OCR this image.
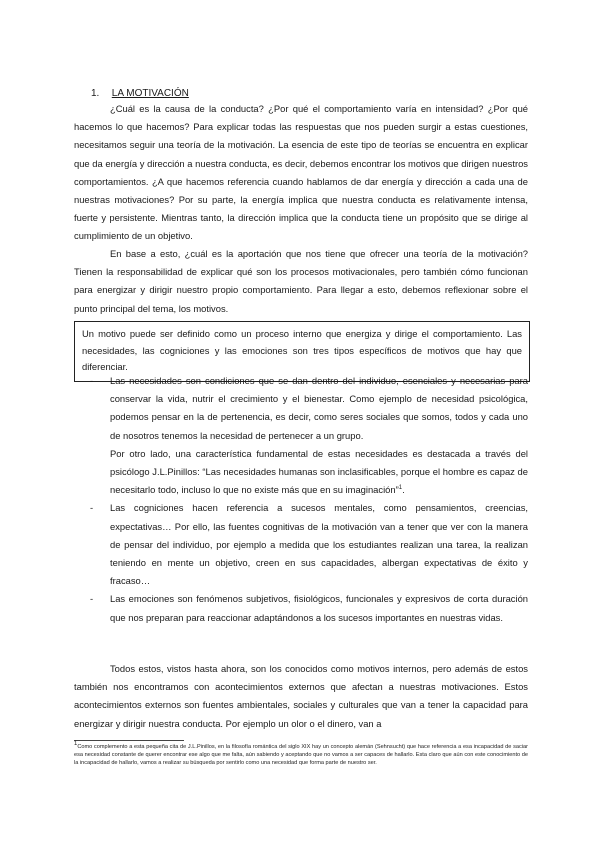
1. LA MOTIVACIÓN

¿Cuál es la causa de la conducta? ¿Por qué el comportamiento varía en intensidad? ¿Por qué hacemos lo que hacemos? Para explicar todas las respuestas que nos pueden surgir a estas cuestiones, necesitamos seguir una teoría de la motivación. La esencia de este tipo de teorías se encuentra en explicar que da energía y dirección a nuestra conducta, es decir, debemos encontrar los motivos que dirigen nuestros comportamientos. ¿A que hacemos referencia cuando hablamos de dar energía y dirección a cada una de nuestras motivaciones? Por su parte, la energía implica que nuestra conducta es relativamente intensa, fuerte y persistente. Mientras tanto, la dirección implica que la conducta tiene un propósito que se dirige al cumplimiento de un objetivo.

En base a esto, ¿cuál es la aportación que nos tiene que ofrecer una teoría de la motivación? Tienen la responsabilidad de explicar qué son los procesos motivacionales, pero también cómo funcionan para energizar y dirigir nuestro propio comportamiento. Para llegar a esto, debemos reflexionar sobre el punto principal del tema, los motivos.

Un motivo puede ser definido como un proceso interno que energiza y dirige el comportamiento. Las necesidades, las cogniciones y las emociones son tres tipos específicos de motivos que hay que diferenciar.
- Las necesidades son condiciones que se dan dentro del individuo, esenciales y necesarias para conservar la vida, nutrir el crecimiento y el bienestar. Como ejemplo de necesidad psicológica, podemos pensar en la de pertenencia, es decir, como seres sociales que somos, todos y cada uno de nosotros tenemos la necesidad de pertenecer a un grupo.

Por otro lado, una característica fundamental de estas necesidades es destacada a través del psicólogo J.L.Pinillos: “Las necesidades humanas son inclasificables, porque el hombre es capaz de necesitarlo todo, incluso lo que no existe más que en su imaginación”$^1$.

- Las cogniciones hacen referencia a sucesos mentales, como pensamientos, creencias, expectativas… Por ello, las fuentes cognitivas de la motivación van a tener que ver con la manera de pensar del individuo, por ejemplo a medida que los estudiantes realizan una tarea, la realizan teniendo en mente un objetivo, creen en sus capacidades, albergan expectativas de éxito y fracaso…

- Las emociones son fenómenos subjetivos, fisiológicos, funcionales y expresivos de corta duración que nos preparan para reaccionar adaptándonos a los sucesos importantes en nuestras vidas.

Todos estos, vistos hasta ahora, son los conocidos como motivos internos, pero además de estos también nos encontramos con acontecimientos externos que afectan a nuestras motivaciones. Estos acontecimientos externos son fuentes ambientales, sociales y culturales que van a tener la capacidad para energizar y dirigir nuestra conducta. Por ejemplo un olor o el dinero, van a

$^1$Como complemento a esta pequeña cita de J.L.Pinillos, en la filosofía romántica del siglo XIX hay un concepto alemán (Sehnsucht) que hace referencia a esa incapacidad de saciar esa necesidad constante de querer encontrar ese algo que me falta, aún sabiendo y aceptando que no vamos a ser capaces de hallarlo. Esta claro que aún con este conocimiento de la incapacidad de hallarlo, vamos a realizar su búsqueda por sentirlo como una necesidad que forma parte de nuestro ser.
